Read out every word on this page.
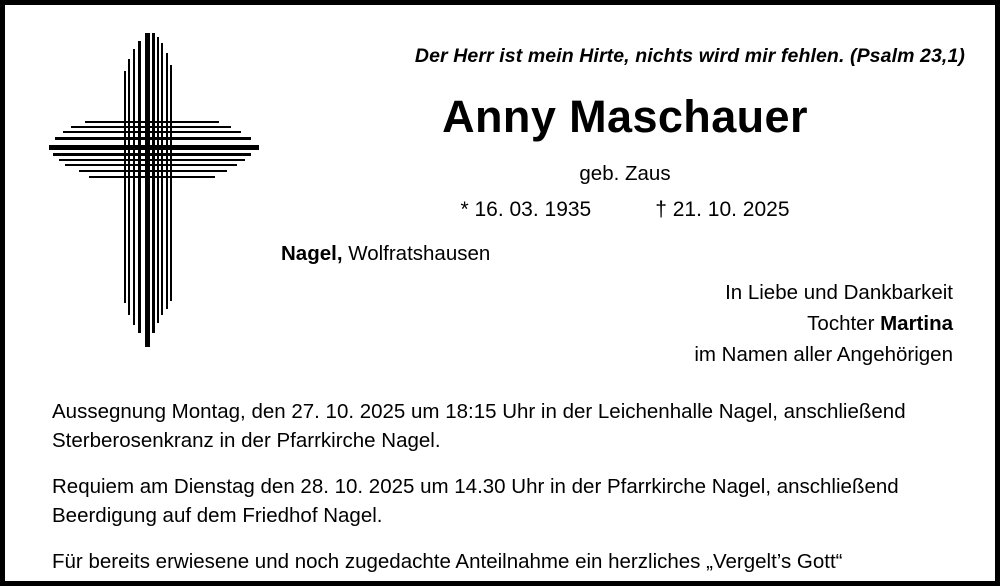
Der Herr ist mein Hirte, nichts wird mir fehlen. (Psalm 23,1)
Anny Maschauer
geb. Zaus
* 16. 03. 1935	† 21. 10. 2025
Nagel, Wolfratshausen
In Liebe und Dankbarkeit
Tochter Martina
im Namen aller Angehörigen

Aussegnung Montag, den 27. 10. 2025 um 18:15 Uhr in der Leichenhalle Nagel, anschließend Sterberosenkranz in der Pfarrkirche Nagel.

Requiem am Dienstag den 28. 10. 2025 um 14.30 Uhr in der Pfarrkirche Nagel, anschließend Beerdigung auf dem Friedhof Nagel.

Für bereits erwiesene und noch zugedachte Anteilnahme ein herzliches „Vergelt’s Gott“
